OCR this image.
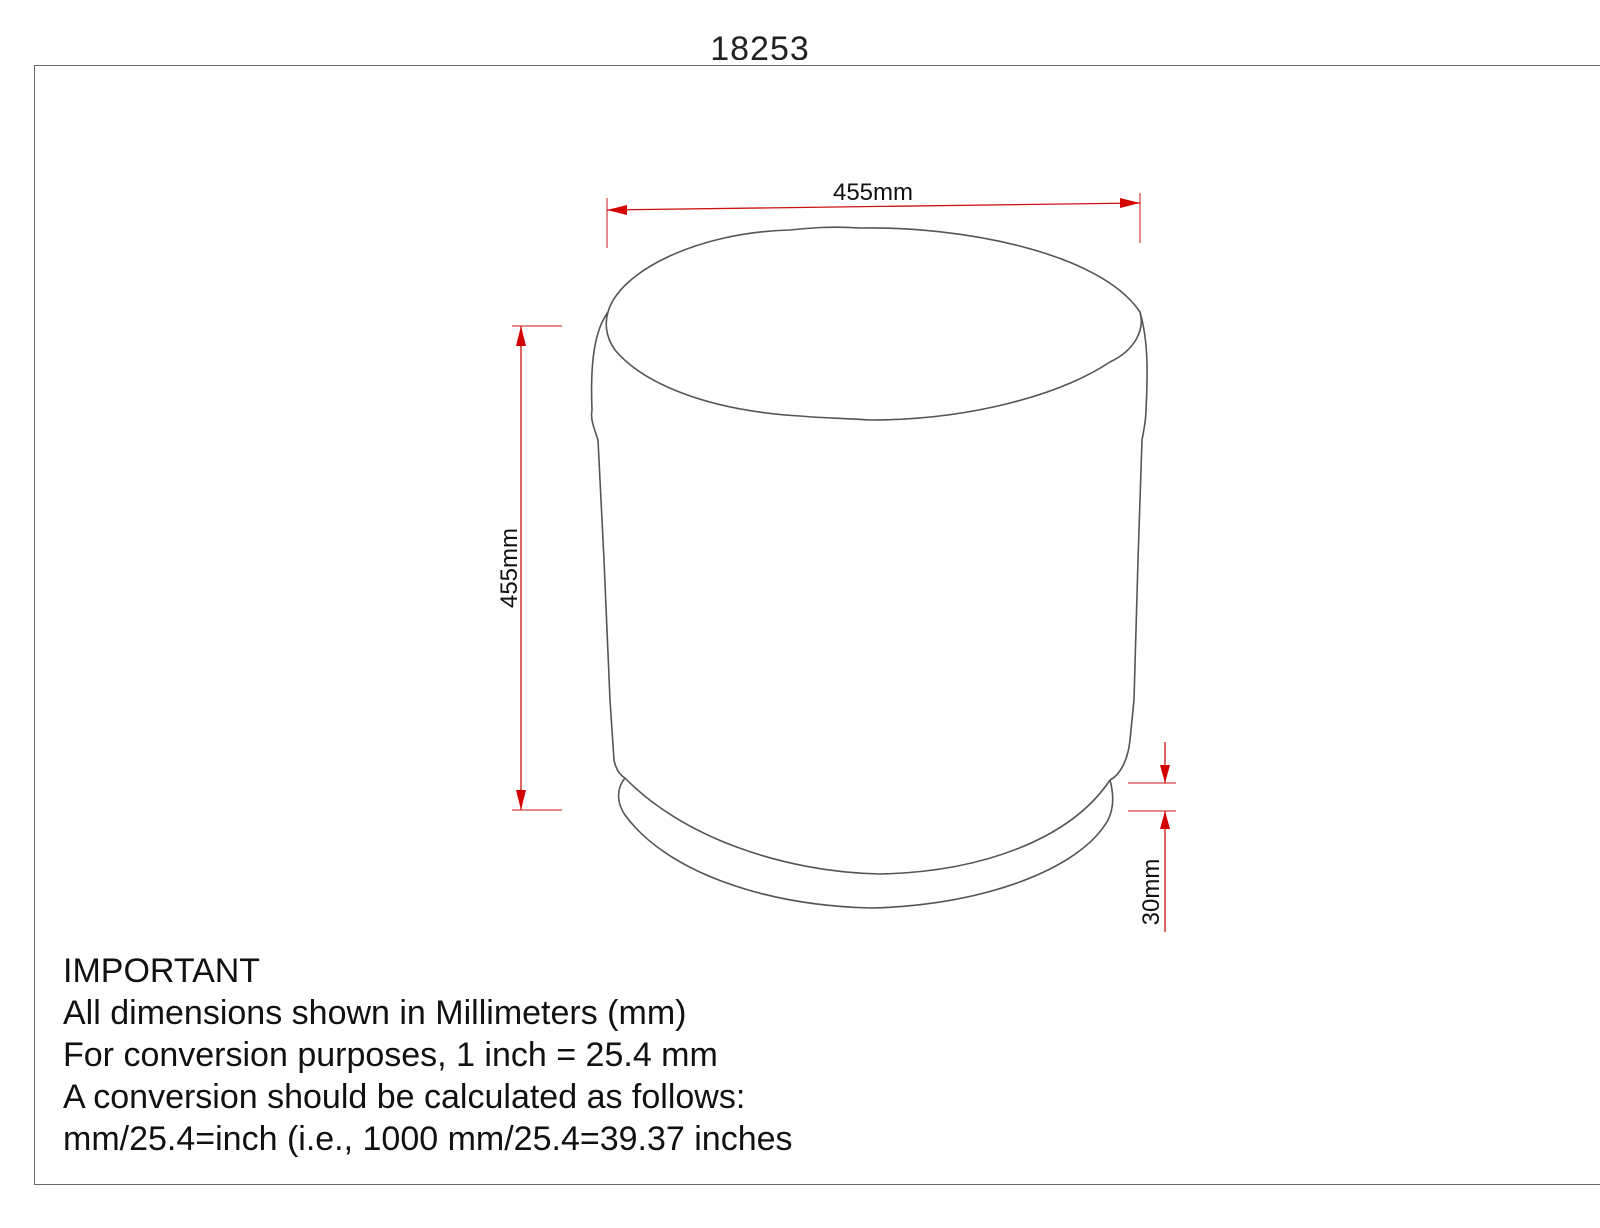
18253
455mm
455mm
30mm
IMPORTANT
All dimensions shown in Millimeters (mm)
For conversion purposes, 1 inch = 25.4 mm
A conversion should be calculated as follows:
mm/25.4=inch (i.e., 1000 mm/25.4=39.37 inches
